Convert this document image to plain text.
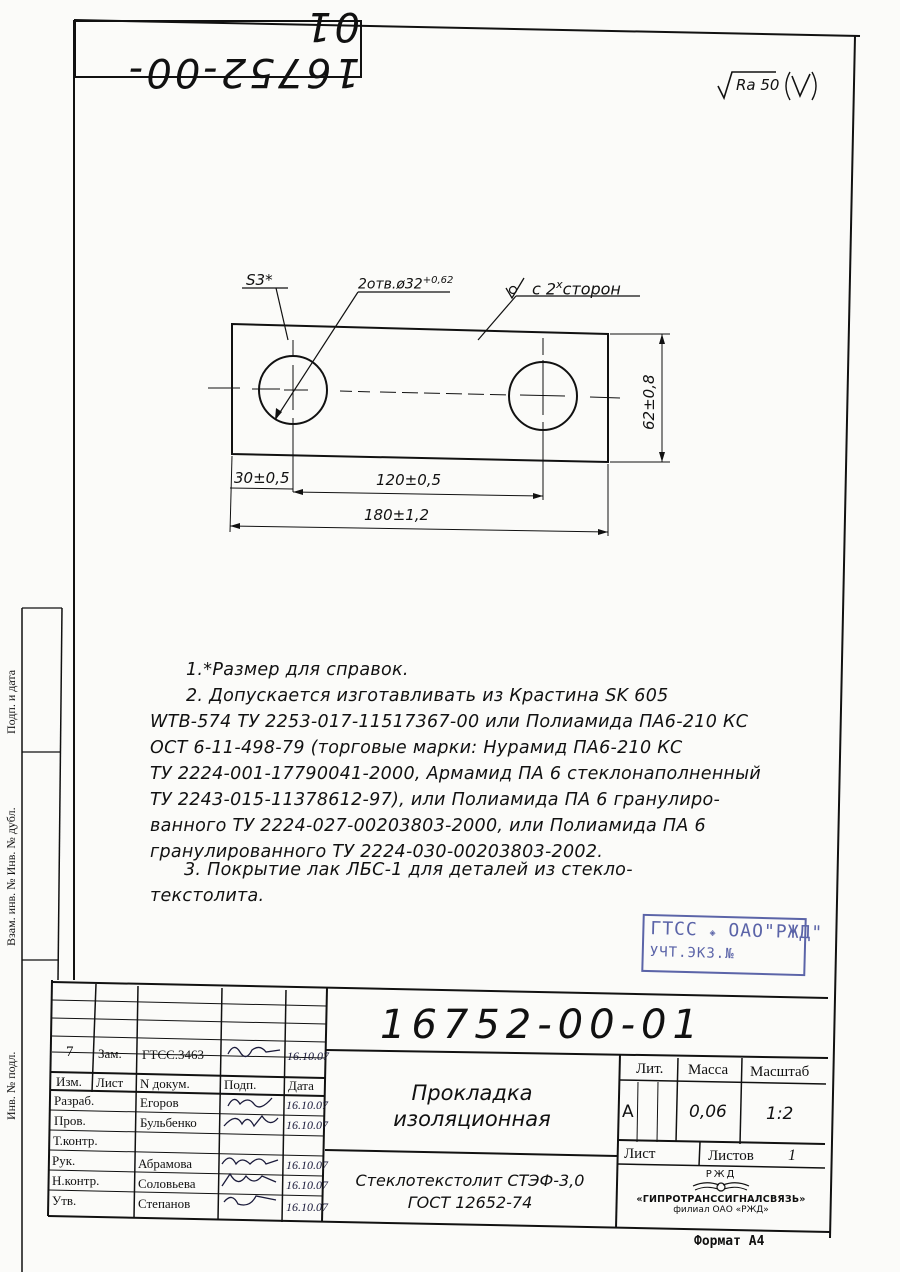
16752-00-01
Ra 50
S3*	$2отв.ø32^{+0,62}$	с $2^хсторон$
30±0,5	120±0,5
180±1,2
62±0,8
1.*Размер для справок.
2. Допускается изготавливать из Крастина SK 605
WTB-574 ТУ 2253-017-11517367-00 или Полиамида ПА6-210 КС
ОСТ 6-11-498-79 (торговые марки: Нурамид ПА6-210 КС
ТУ 2224-001-17790041-2000, Армамид ПА 6 стеклонаполненный
ТУ 2243-015-11378612-97), или Полиамида ПА 6 гранулиро-
ванного ТУ 2224-027-00203803-2000, или Полиамида ПА 6
гранулированного ТУ 2224-030-00203803-2002.
3. Покрытие лак ЛБС-1 для деталей из стекло-
текстолита.
ГТСС ◈ ОАО"РЖД"
УЧТ.ЭКЗ.№
Подп. и дата
Взам. инв. № Инв. № дубл.
Инв. № подл.
16752-00-01
Прокладка
изоляционная
Стеклотекстолит СТЭФ-3,0
ГОСТ 12652-74
Лит. Масса Масштаб
А	0,06 1:2
Лист	Листов 1
РЖД
«ГИПРОТРАНССИГНАЛСВЯЗЬ»
филиал ОАО «РЖД»
Формат А4
7 Зам. ГТСС.3463	16.10.07
Изм. Лист N докум.	Подп. Дата
Разраб.	Егоров	16.10.07
Пров.	Бульбенко	16.10.07
Т.контр.
Рук.	Абрамова	16.10.07
Н.контр.	Соловьева	16.10.07
Утв.	Степанов	16.10.07
